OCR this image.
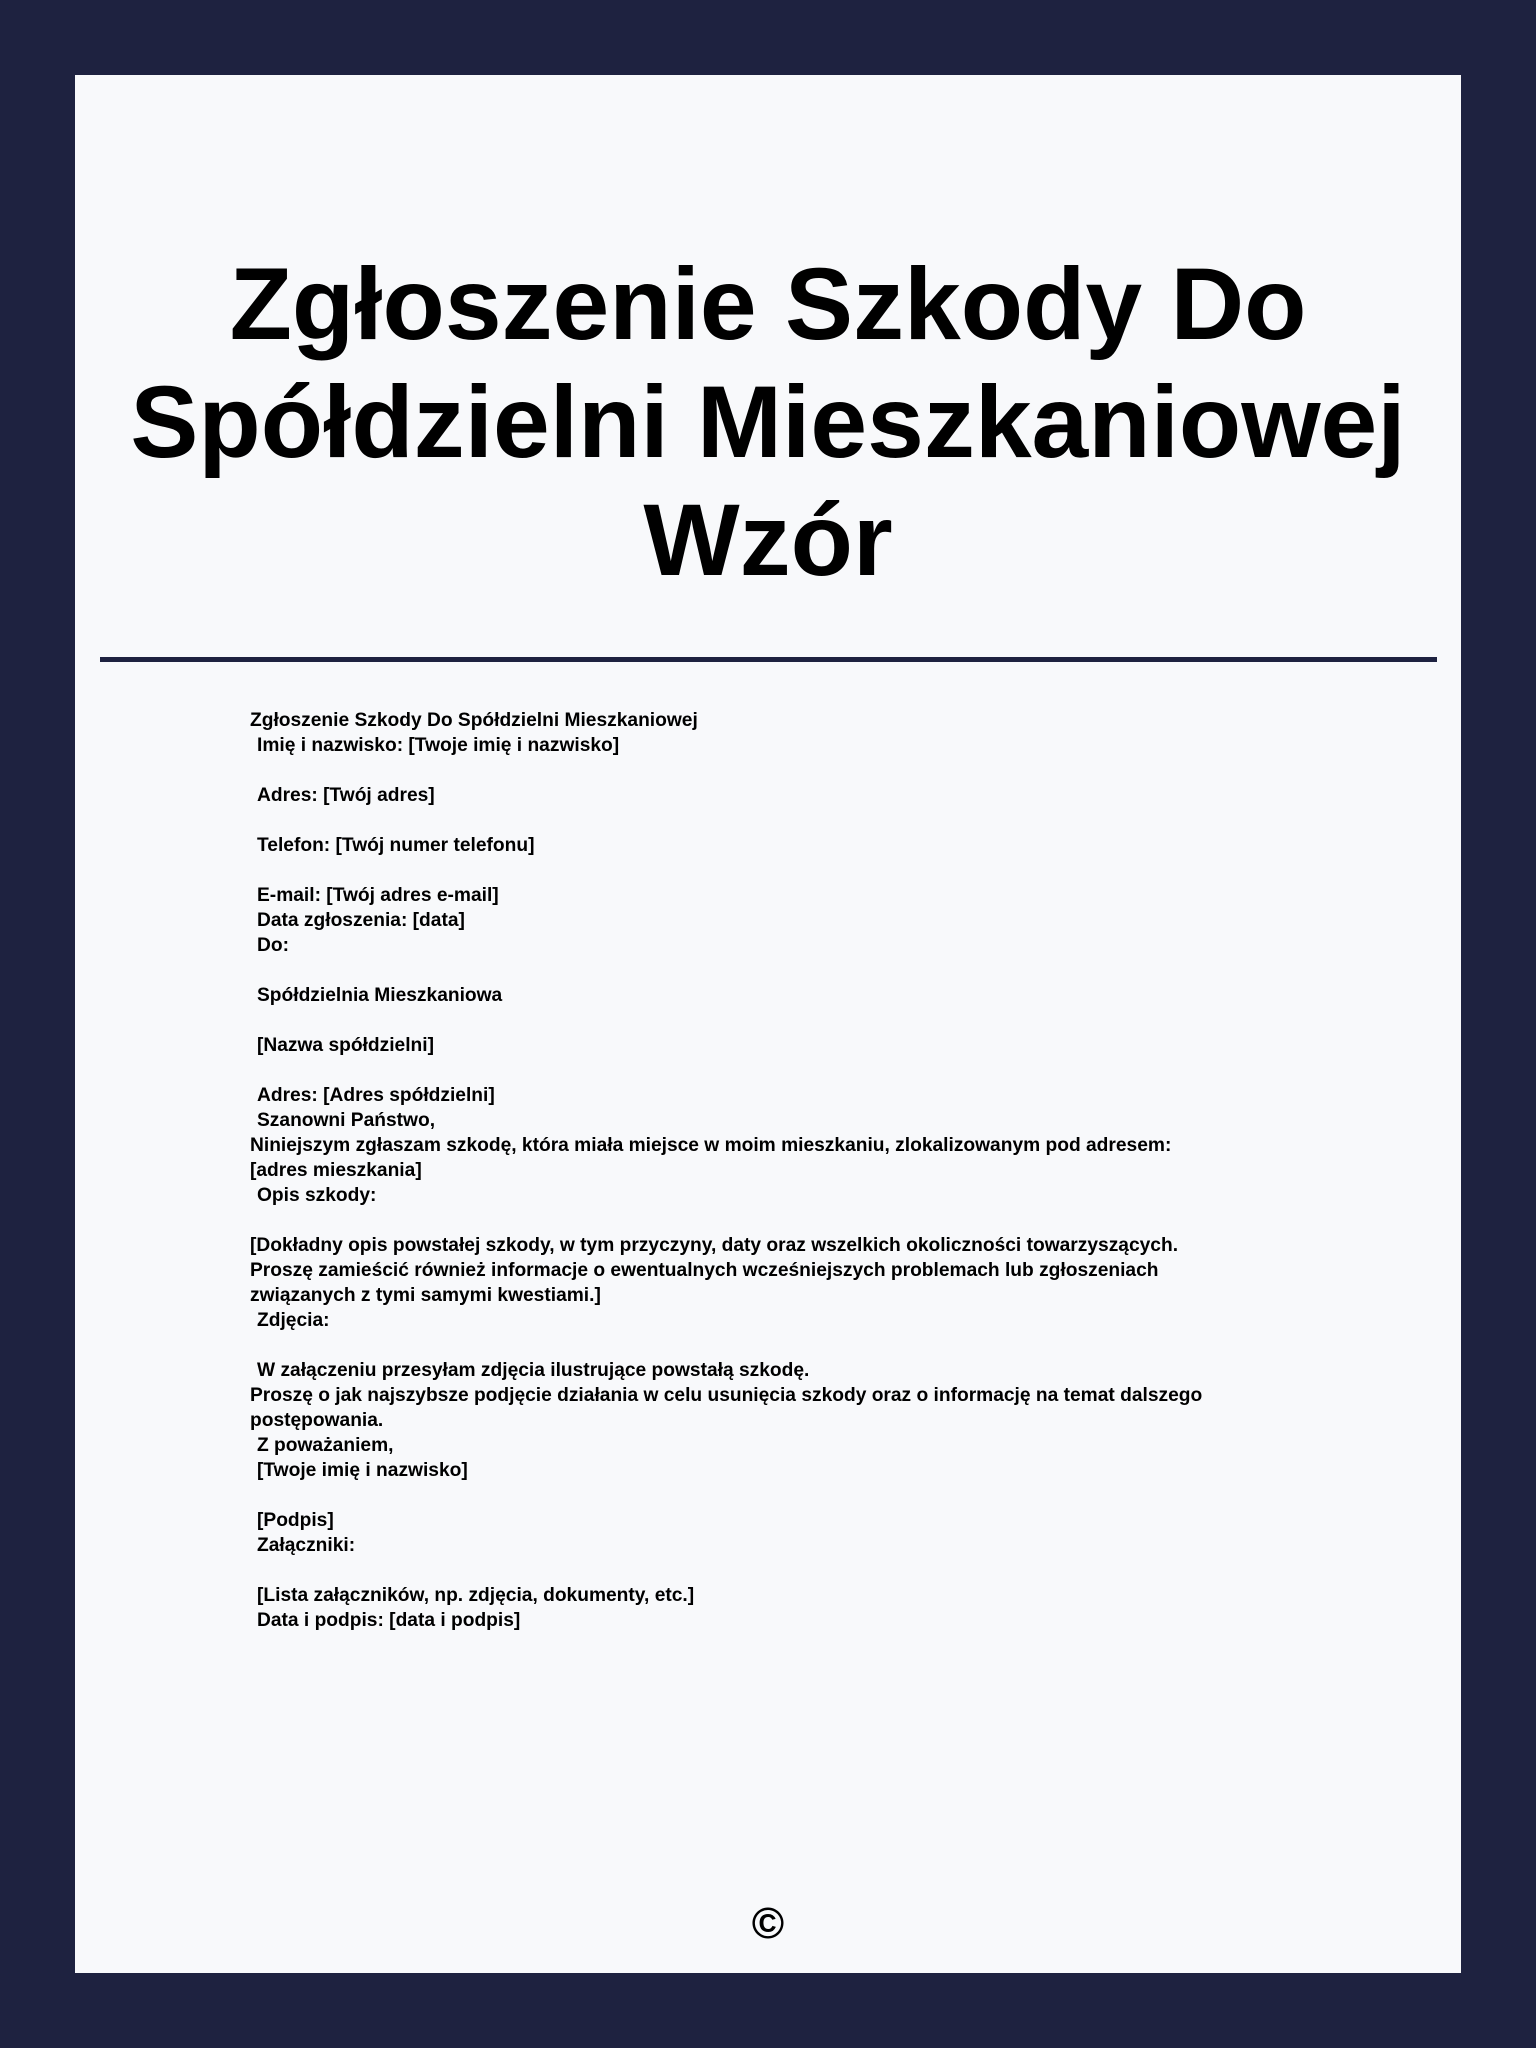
Zgłoszenie Szkody Do
Spółdzielni Mieszkaniowej
Wzór
Zgłoszenie Szkody Do Spółdzielni Mieszkaniowej
Imię i nazwisko: [Twoje imię i nazwisko]
Adres: [Twój adres]
Telefon: [Twój numer telefonu]
E-mail: [Twój adres e-mail]
Data zgłoszenia: [data]
Do:
Spółdzielnia Mieszkaniowa
[Nazwa spółdzielni]
Adres: [Adres spółdzielni]
Szanowni Państwo,
Niniejszym zgłaszam szkodę, która miała miejsce w moim mieszkaniu, zlokalizowanym pod adresem:
[adres mieszkania]
Opis szkody:
[Dokładny opis powstałej szkody, w tym przyczyny, daty oraz wszelkich okoliczności towarzyszących.
Proszę zamieścić również informacje o ewentualnych wcześniejszych problemach lub zgłoszeniach
związanych z tymi samymi kwestiami.]
Zdjęcia:
W załączeniu przesyłam zdjęcia ilustrujące powstałą szkodę.
Proszę o jak najszybsze podjęcie działania w celu usunięcia szkody oraz o informację na temat dalszego
postępowania.
Z poważaniem,
[Twoje imię i nazwisko]
[Podpis]
Załączniki:
[Lista załączników, np. zdjęcia, dokumenty, etc.]
Data i podpis: [data i podpis]
©
